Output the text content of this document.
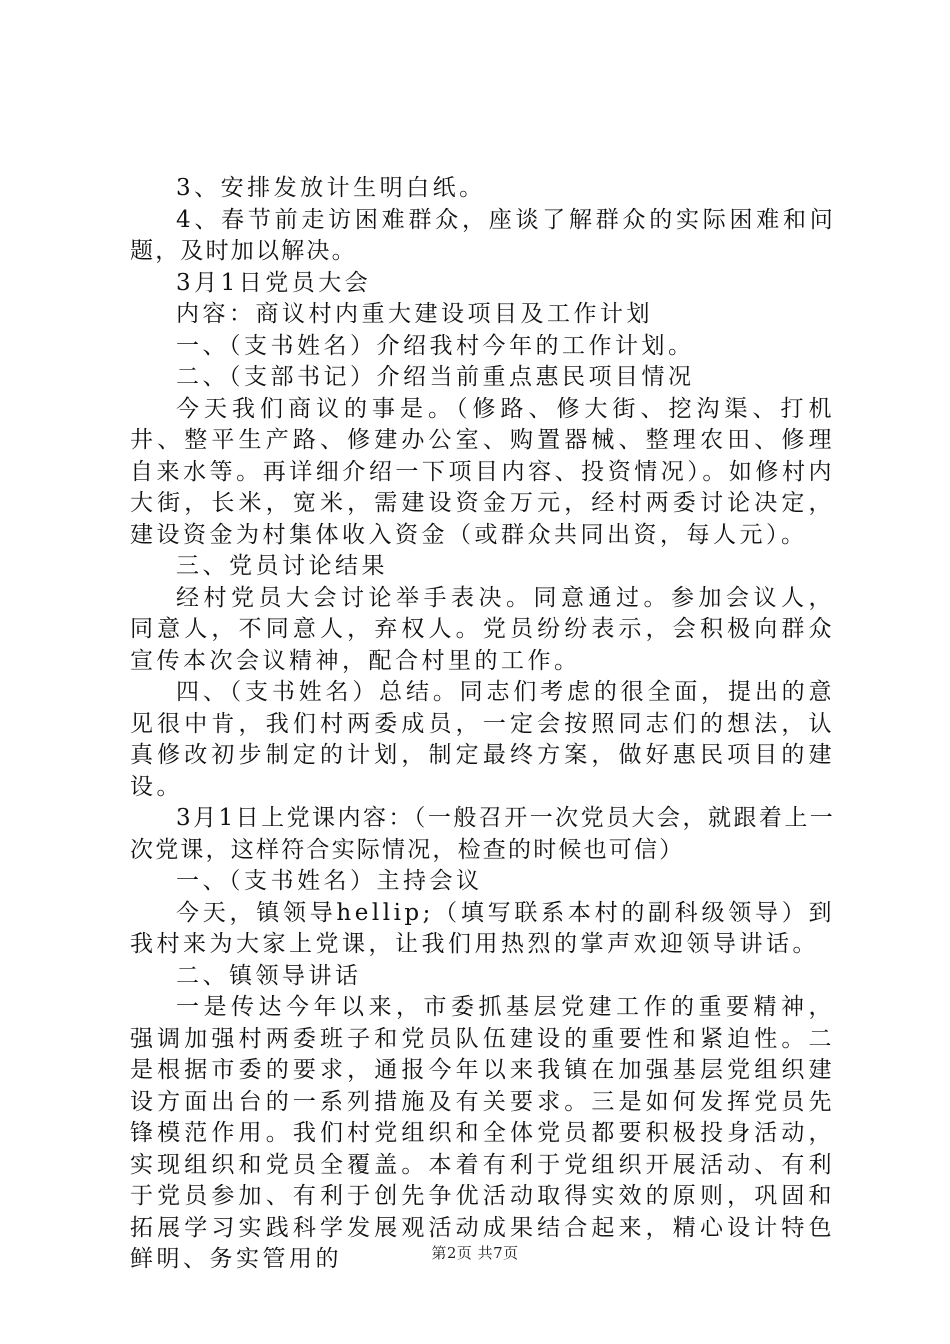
3、安排发放计生明白纸。

4、春节前走访困难群众，座谈了解群众的实际困难和问题，及时加以解决。

3月1日党员大会

内容：商议村内重大建设项目及工作计划

一、（支书姓名）介绍我村今年的工作计划。

二、（支部书记）介绍当前重点惠民项目情况

今天我们商议的事是。（修路、修大街、挖沟渠、打机井、整平生产路、修建办公室、购置器械、整理农田、修理自来水等。再详细介绍一下项目内容、投资情况）。如修村内大街，长米，宽米，需建设资金万元，经村两委讨论决定，建设资金为村集体收入资金（或群众共同出资，每人元）。

三、党员讨论结果

经村党员大会讨论举手表决。同意通过。参加会议人，同意人，不同意人，弃权人。党员纷纷表示，会积极向群众宣传本次会议精神，配合村里的工作。

四、（支书姓名）总结。同志们考虑的很全面，提出的意见很中肯，我们村两委成员，一定会按照同志们的想法，认真修改初步制定的计划，制定最终方案，做好惠民项目的建设。

3月1日上党课内容：（一般召开一次党员大会，就跟着上一次党课，这样符合实际情况，检查的时候也可信）

一、（支书姓名）主持会议

今天，镇领导hellip;（填写联系本村的副科级领导）到我村来为大家上党课，让我们用热烈的掌声欢迎领导讲话。

二、镇领导讲话

一是传达今年以来，市委抓基层党建工作的重要精神，强调加强村两委班子和党员队伍建设的重要性和紧迫性。二是根据市委的要求，通报今年以来我镇在加强基层党组织建设方面出台的一系列措施及有关要求。三是如何发挥党员先锋模范作用。我们村党组织和全体党员都要积极投身活动，实现组织和党员全覆盖。本着有利于党组织开展活动、有利于党员参加、有利于创先争优活动取得实效的原则，巩固和拓展学习实践科学发展观活动成果结合起来，精心设计特色鲜明、务实管用的	第2页 共7页
